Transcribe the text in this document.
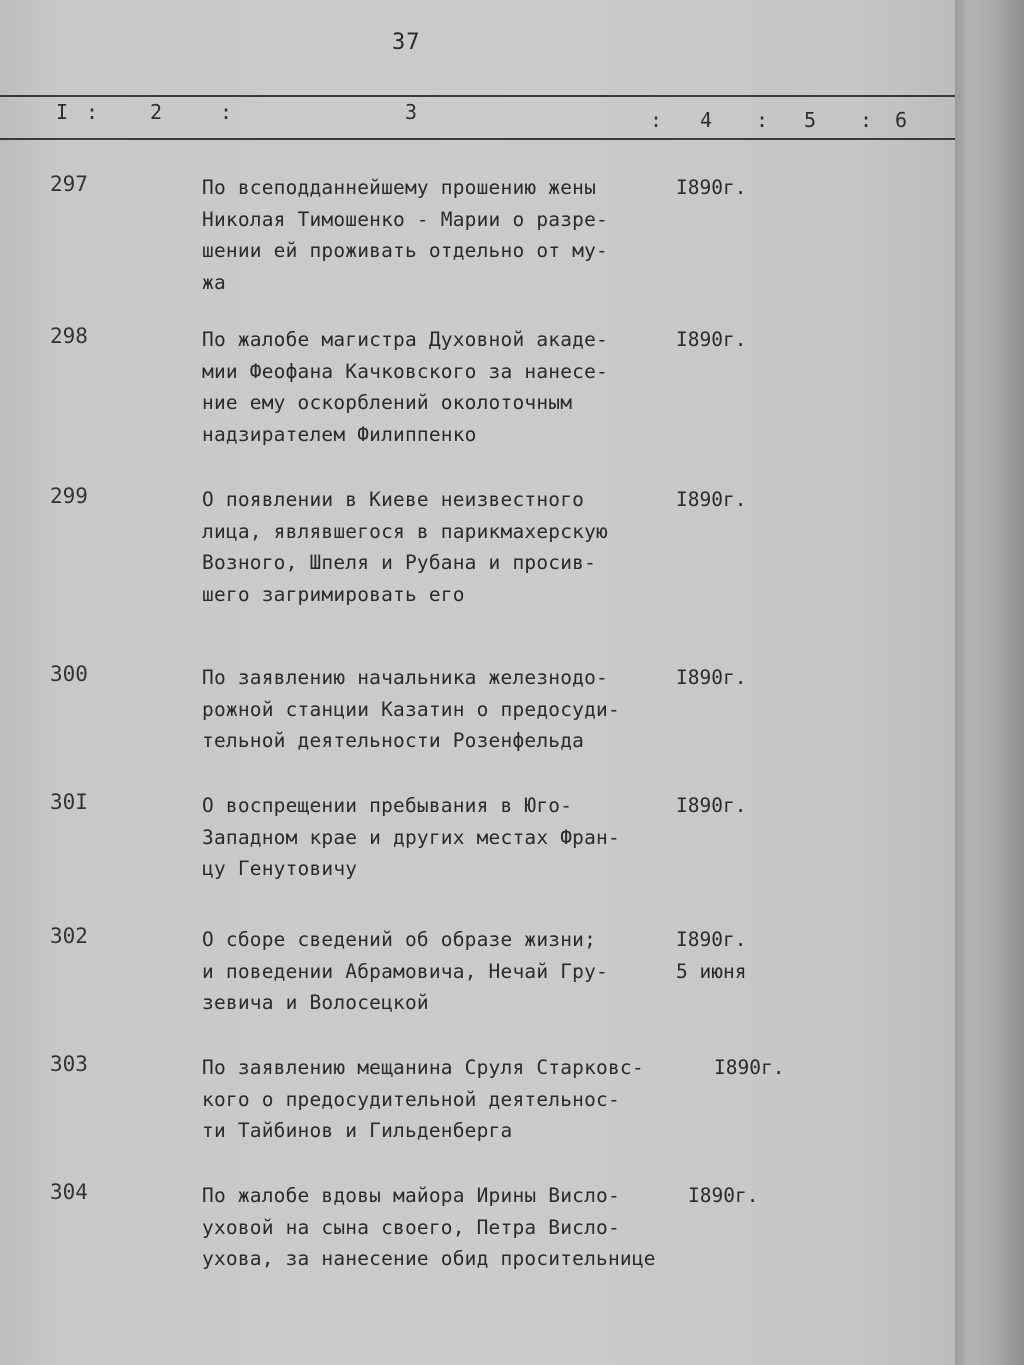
37
I :	2	:	3	: 4 : 5 : 6
297	По всеподданнейшему прошению жены
Николая Тимошенко - Марии о разре-
шении ей проживать отдельно от му-
жа
I890г.
298	По жалобе магистра Духовной акаде-
мии Феофана Качковского за нанесе-
ние ему оскорблений околоточным
надзирателем Филиппенко
I890г.
299	О появлении в Киеве неизвестного
лица, являвшегося в парикмахерскую
Возного, Шпеля и Рубана и просив-
шего загримировать его
I890г.
300	По заявлению начальника железнодо-
рожной станции Казатин о предосуди-
тельной деятельности Розенфельда
I890г.
30I	О воспрещении пребывания в Юго-
Западном крае и других местах Фран-
цу Генутовичу
I890г.
302	О сборе сведений об образе жизни;
и поведении Абрамовича, Нечай Гру-
зевича и Волосецкой
I890г.
5 июня
303	По заявлению мещанина Сруля Старковс-
кого о предосудительной деятельнос-
ти Тайбинов и Гильденберга
I890г.
304	По жалобе вдовы майора Ирины Висло-
уховой на сына своего, Петра Висло-
ухова, за нанесение обид просительнице
I890г.
